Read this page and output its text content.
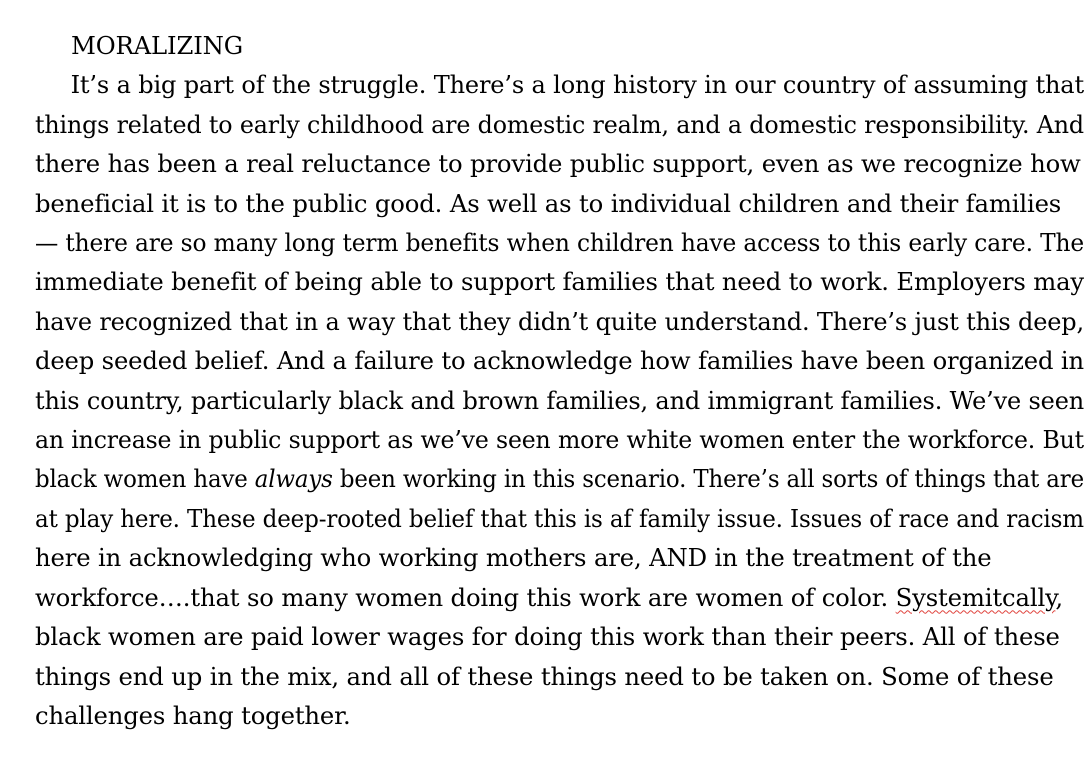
MORALIZING
It’s a big part of the struggle. There’s a long history in our country of assuming that
things related to early childhood are domestic realm, and a domestic responsibility. And
there has been a real reluctance to provide public support, even as we recognize how
beneficial it is to the public good. As well as to individual children and their families
— there are so many long term benefits when children have access to this early care. The
immediate benefit of being able to support families that need to work. Employers may
have recognized that in a way that they didn’t quite understand. There’s just this deep,
deep seeded belief. And a failure to acknowledge how families have been organized in
this country, particularly black and brown families, and immigrant families. We’ve seen
an increase in public support as we’ve seen more white women enter the workforce. But
black women have always been working in this scenario. There’s all sorts of things that are
at play here. These deep-rooted belief that this is af family issue. Issues of race and racism
here in acknowledging who working mothers are, AND in the treatment of the
workforce….that so many women doing this work are women of color. Systemitcally,
black women are paid lower wages for doing this work than their peers. All of these
things end up in the mix, and all of these things need to be taken on. Some of these
challenges hang together.
